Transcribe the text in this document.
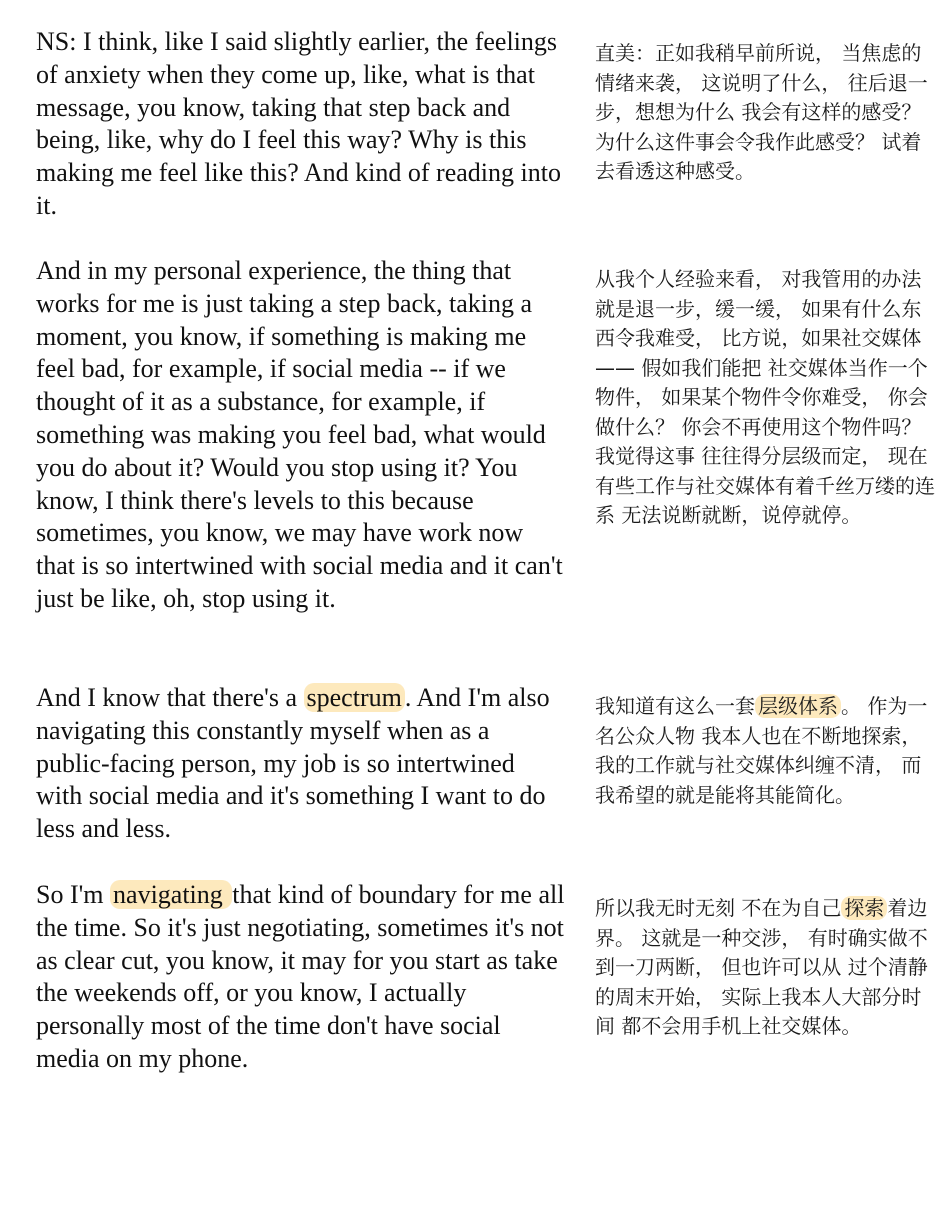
NS: I think, like I said slightly earlier, the feelings of anxiety when they come up, like, what is that message, you know, taking that step back and being, like, why do I feel this way? Why is this making me feel like this? And kind of reading into it.

直美：正如我稍早前所说， 当焦虑的情绪来袭， 这说明了什么， 往后退一步，想想为什么 我会有这样的感受？ 为什么这件事会令我作此感受？ 试着去看透这种感受。

And in my personal experience, the thing that works for me is just taking a step back, taking a moment, you know, if something is making me feel bad, for example, if social media -- if we thought of it as a substance, for example, if something was making you feel bad, what would you do about it? Would you stop using it? You know, I think there's levels to this because sometimes, you know, we may have work now that is so intertwined with social media and it can't just be like, oh, stop using it.

从我个人经验来看， 对我管用的办法 就是退一步，缓一缓， 如果有什么东西令我难受， 比方说，如果社交媒体—— 假如我们能把 社交媒体当作一个物件， 如果某个物件令你难受， 你会做什么？ 你会不再使用这个物件吗？ 我觉得这事 往往得分层级而定， 现在有些工作与社交媒体有着千丝万缕的连系 无法说断就断，说停就停。

And I know that there's a spectrum . And I'm also navigating this constantly myself when as a public-facing person, my job is so intertwined with social media and it's something I want to do less and less.

我知道有这么一套 层级体系 。 作为一名公众人物 我本人也在不断地探索， 我的工作就与社交媒体纠缠不清， 而我希望的就是能将其能简化。

So I'm navigating that kind of boundary for me all the time. So it's just negotiating, sometimes it's not as clear cut, you know, it may for you start as take the weekends off, or you know, I actually personally most of the time don't have social media on my phone.

所以我无时无刻 不在为自己 探索 着边界。 这就是一种交涉， 有时确实做不到一刀两断， 但也许可以从 过个清静的周末开始， 实际上我本人大部分时间 都不会用手机上社交媒体。
